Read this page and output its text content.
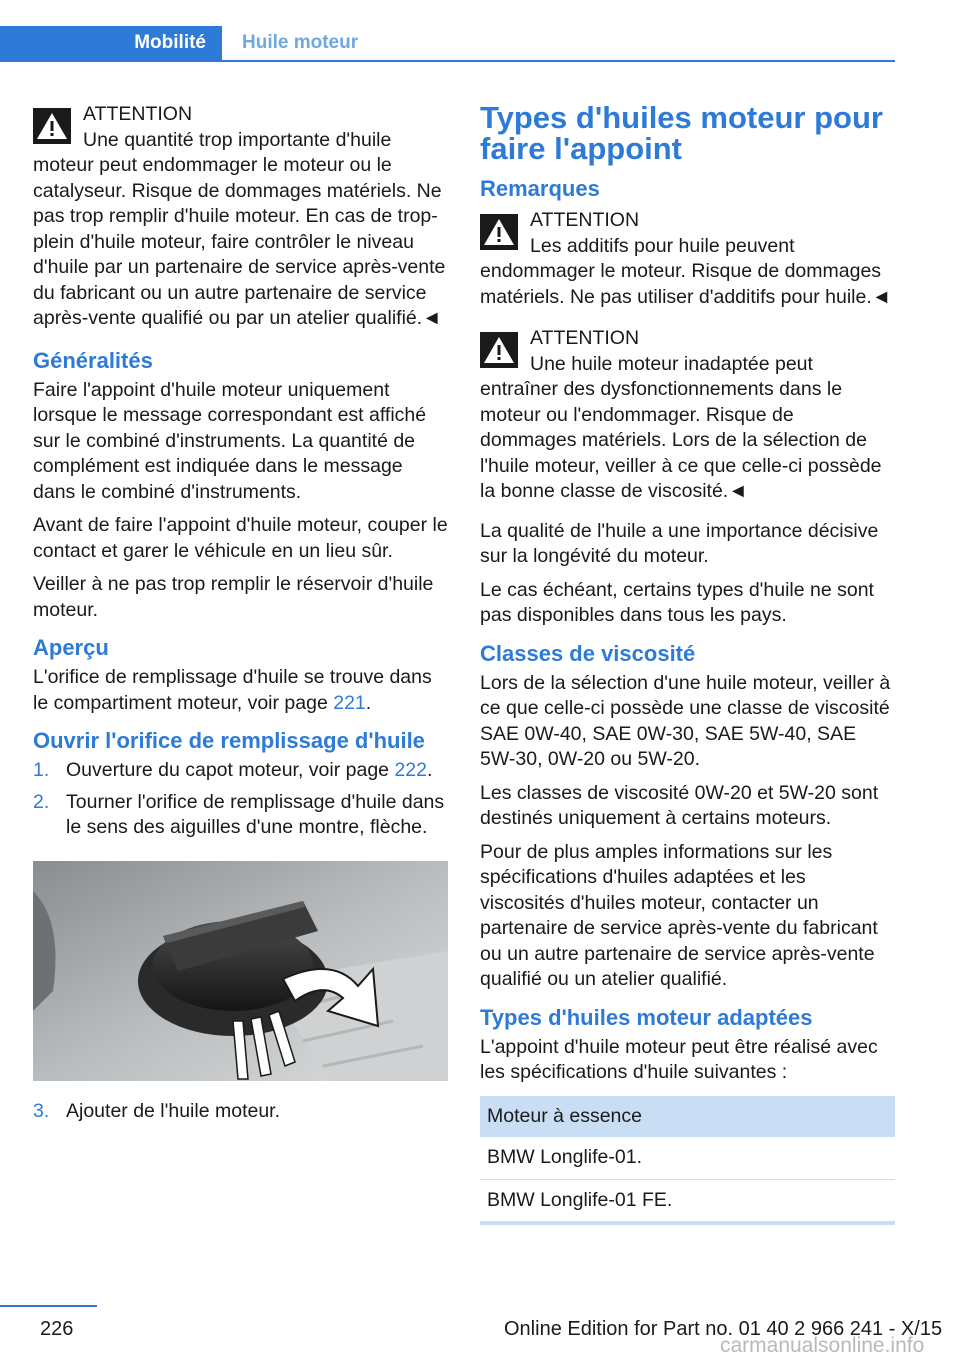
Mobilité	Huile moteur
ATTENTION
Une quantité trop importante d'huile moteur peut endommager le moteur ou le catalyseur. Risque de dommages matériels. Ne pas trop remplir d'huile moteur. En cas de trop-plein d'huile moteur, faire contrôler le niveau d'huile par un partenaire de service après-vente du fabricant ou un autre partenaire de service après-vente qualifié ou par un atelier qualifié.◄
Généralités

Faire l'appoint d'huile moteur uniquement lorsque le message correspondant est affiché sur le combiné d'instruments. La quantité de complément est indiquée dans le message dans le combiné d'instruments.

Avant de faire l'appoint d'huile moteur, couper le contact et garer le véhicule en un lieu sûr.

Veiller à ne pas trop remplir le réservoir d'huile moteur.

Aperçu

L'orifice de remplissage d'huile se trouve dans le compartiment moteur, voir page 221.

Ouvrir l'orifice de remplissage d'huile
1. Ouverture du capot moteur, voir page 222.
2. Tourner l'orifice de remplissage d'huile dans le sens des aiguilles d'une montre, flèche.
3. Ajouter de l'huile moteur.
Types d'huiles moteur pour faire l'appoint
Remarques
ATTENTION
Les additifs pour huile peuvent endommager le moteur. Risque de dommages matériels. Ne pas utiliser d'additifs pour huile.◄
ATTENTION
Une huile moteur inadaptée peut entraîner des dysfonctionnements dans le moteur ou l'endommager. Risque de dommages matériels. Lors de la sélection de l'huile moteur, veiller à ce que celle-ci possède la bonne classe de viscosité.◄

La qualité de l'huile a une importance décisive sur la longévité du moteur.

Le cas échéant, certains types d'huile ne sont pas disponibles dans tous les pays.

Classes de viscosité

Lors de la sélection d'une huile moteur, veiller à ce que celle-ci possède une classe de viscosité SAE 0W-40, SAE 0W-30, SAE 5W-40, SAE 5W-30, 0W-20 ou 5W-20.

Les classes de viscosité 0W-20 et 5W-20 sont destinés uniquement à certains moteurs.

Pour de plus amples informations sur les spécifications d'huiles adaptées et les viscosités d'huiles moteur, contacter un partenaire de service après-vente du fabricant ou un autre partenaire de service après-vente qualifié ou un atelier qualifié.

Types d'huiles moteur adaptées

L'appoint d'huile moteur peut être réalisé avec les spécifications d'huile suivantes :

Moteur à essence
BMW Longlife-01.
BMW Longlife-01 FE.
226	Online Edition for Part no. 01 40 2 966 241 - X/15
carmanualsonline.info
